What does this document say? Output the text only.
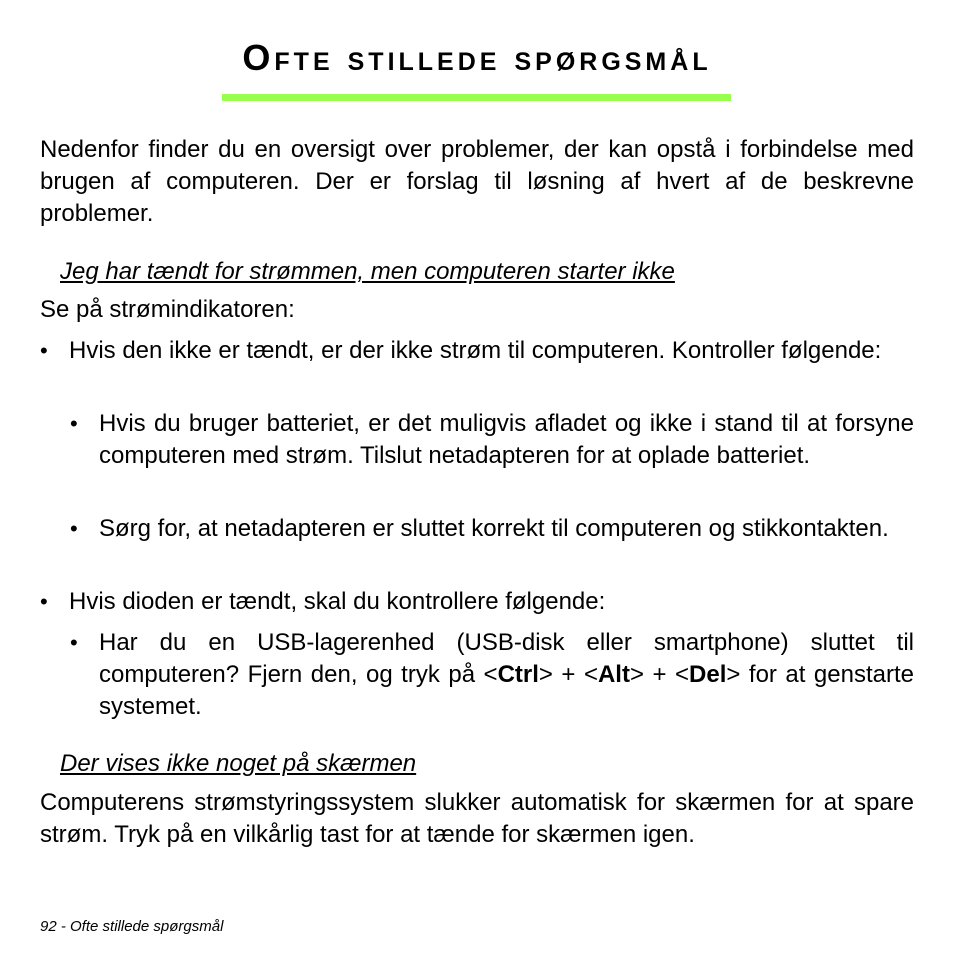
Ofte stillede spørgsmål

Nedenfor finder du en oversigt over problemer, der kan opstå i forbindelse med brugen af computeren. Der er forslag til løsning af hvert af de beskrevne problemer.

Jeg har tændt for strømmen, men computeren starter ikke

Se på strømindikatoren:

• Hvis den ikke er tændt, er der ikke strøm til computeren. Kontroller følgende:

• Hvis du bruger batteriet, er det muligvis afladet og ikke i stand til at forsyne computeren med strøm. Tilslut netadapteren for at oplade batteriet.

• Sørg for, at netadapteren er sluttet korrekt til computeren og stikkontakten.

• Hvis dioden er tændt, skal du kontrollere følgende:

• Har du en USB-lagerenhed (USB-disk eller smartphone) sluttet til computeren? Fjern den, og tryk på <Ctrl> + <Alt> + <Del> for at genstarte systemet.

Der vises ikke noget på skærmen

Computerens strømstyringssystem slukker automatisk for skærmen for at spare strøm. Tryk på en vilkårlig tast for at tænde for skærmen igen.

92 - Ofte stillede spørgsmål
